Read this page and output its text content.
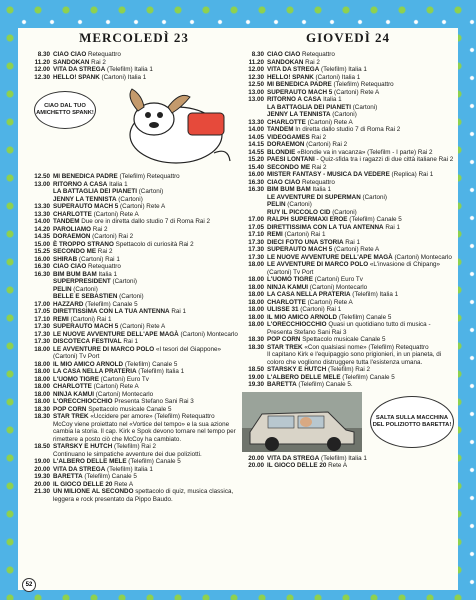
MERCOLEDÌ 23
8.30 CIAO CIAO Retequattro
11.20 SANDOKAN Rai 2
12.00 VITA DA STREGA (Telefilm) Italia 1
12.30 HELLO! SPANK (Cartoni) Italia 1
CIAO DAL TUO AMICHETTO SPANK!
12.50 MI BENEDICA PADRE (Telefilm) Retequattro
13.00 RITORNO A CASA Italia 1
LA BATTAGLIA DEI PIANETI (Cartoni)
JENNY LA TENNISTA (Cartoni)
13.30 SUPERAUTO MACH 5 (Cartoni) Rete A
13.30 CHARLOTTE (Cartoni) Rete A
14.00 TANDEM Due ore in diretta dallo studio 7 di Roma Rai 2
14.20 PAROLIAMO Rai 2
14.35 DORAEMON (Cartoni) Rai 2
15.00 È TROPPO STRANO Spettacolo di curiosità Rai 2
15.25 SECONDO ME Rai 2
16.00 SHIRAB (Cartoni) Rai 1
16.30 CIAO CIAO Retequattro
16.30 BIM BUM BAM Italia 1
SUPERPRESIDENT (Cartoni)
PELIN (Cartoni)
BELLE E SEBASTIEN (Cartoni)
17.00 HAZZARD (Telefilm) Canale 5
17.05 DIRETTISSIMA CON LA TUA ANTENNA Rai 1
17.10 REMI (Cartoni) Rai 1
17.30 SUPERAUTO MACH 5 (Cartoni) Rete A
17.30 LE NUOVE AVVENTURE DELL'APE MAGÀ (Cartoni) Montecarlo
17.30 DISCOTECA FESTIVAL Rai 1
18.00 LE AVVENTURE DI MARCO POLO «I tesori del Giappone» (Cartoni) Tv Port
18.00 IL MIO AMICO ARNOLD (Telefilm) Canale 5
18.00 LA CASA NELLA PRATERIA (Telefilm) Italia 1
18.00 L'UOMO TIGRE (Cartoni) Euro Tv
18.00 CHARLOTTE (Cartoni) Rete A
18.00 NINJA KAMUI (Cartoni) Montecarlo
18.00 L'ORECCHIOCCHIO Presenta Stefano Sani Rai 3
18.30 POP CORN Spettacolo musicale Canale 5
18.30 STAR TREK «Uccidere per amore» (Telefilm) Retequattro
McCoy viene proiettato nel «Vortice del tempo» e la sua azione cambia la storia. Il cap. Kirk e Spok devono tornare nel tempo per rimettere a posto ciò che McCoy ha cambiato.
18.50 STARSKY E HUTCH (Telefilm) Rai 2
Continuano le simpatiche avventure dei due poliziotti.
19.00 L'ALBERO DELLE MELE (Telefilm) Canale 5
20.00 VITA DA STREGA (Telefilm) Italia 1
19.30 BARETTA (Telefilm) Canale 5
20.00 IL GIOCO DELLE 20 Rete A
21.30 UN MILIONE AL SECONDO spettacolo di quiz, musica classica, leggera e rock presentato da Pippo Baudo.
GIOVEDÌ 24
8.30 CIAO CIAO Retequattro
11.20 SANDOKAN Rai 2
12.00 VITA DA STREGA (Telefilm) Italia 1
12.30 HELLO! SPANK (Cartoni) Italia 1
12.50 MI BENEDICA PADRE (Telefilm) Retequattro
13.00 SUPERAUTO MACH 5 (Cartoni) Rete A
13.00 RITORNO A CASA Italia 1
LA BATTAGLIA DEI PIANETI (Cartoni)
JENNY LA TENNISTA (Cartoni)
13.30 CHARLOTTE (Cartoni) Rete A
14.00 TANDEM In diretta dallo studio 7 di Roma Rai 2
14.05 VIDEOGAMES Rai 2
14.15 DORAEMON (Cartoni) Rai 2
14.55 BLONDIE «Blondie va in vacanza» (Telefilm - I parte) Rai 2
15.20 PAESI LONTANI - Quiz-sfida tra i ragazzi di due città italiane Rai 2
15.40 SECONDO ME Rai 2
16.00 MISTER FANTASY - MUSICA DA VEDERE (Replica) Rai 1
16.30 CIAO CIAO Retequattro
16.30 BIM BUM BAM Italia 1
LE AVVENTURE DI SUPERMAN (Cartoni)
PELIN (Cartoni)
RUY IL PICCOLO CID (Cartoni)
17.00 RALPH SUPERMAXI EROE (Telefilm) Canale 5
17.05 DIRETTISSIMA CON LA TUA ANTENNA Rai 1
17.10 REMI (Cartoni) Rai 1
17.30 DIECI FOTO UNA STORIA Rai 1
17.30 SUPERAUTO MACH 5 (Cartoni) Rete A
17.30 LE NUOVE AVVENTURE DELL'APE MAGÀ (Cartoni) Montecarlo
18.00 LE AVVENTURE DI MARCO POLO «L'invasione di Chipang» (Cartoni) Tv Port
18.00 L'UOMO TIGRE (Cartoni) Euro Tv
18.00 NINJA KAMUI (Cartoni) Montecarlo
18.00 LA CASA NELLA PRATERIA (Telefilm) Italia 1
18.00 CHARLOTTE (Cartoni) Rete A
18.00 ULISSE 31 (Cartoni) Rai 1
18.00 IL MIO AMICO ARNOLD (Telefilm) Canale 5
18.00 L'ORECCHIOCCHIO Quasi un quotidiano tutto di musica - Presenta Stefano Sani Rai 3
18.30 POP CORN Spettacolo musicale Canale 5
18.30 STAR TREK «Con qualsiasi nome» (Telefilm) Retequattro
Il capitano Kirk e l'equipaggio sono prigionieri, in un pianeta, di coloro che vogliono distruggere tutta l'esistenza umana.
18.50 STARSKY E HUTCH (Telefilm) Rai 2
19.00 L'ALBERO DELLE MELE (Telefilm) Canale 5
19.30 BARETTA (Telefilm) Canale 5.
SALTA SULLA MACCHINA DEL POLIZIOTTO BARETTA!
20.00 VITA DA STREGA (Telefilm) Italia 1
20.00 IL GIOCO DELLE 20 Rete A
52
